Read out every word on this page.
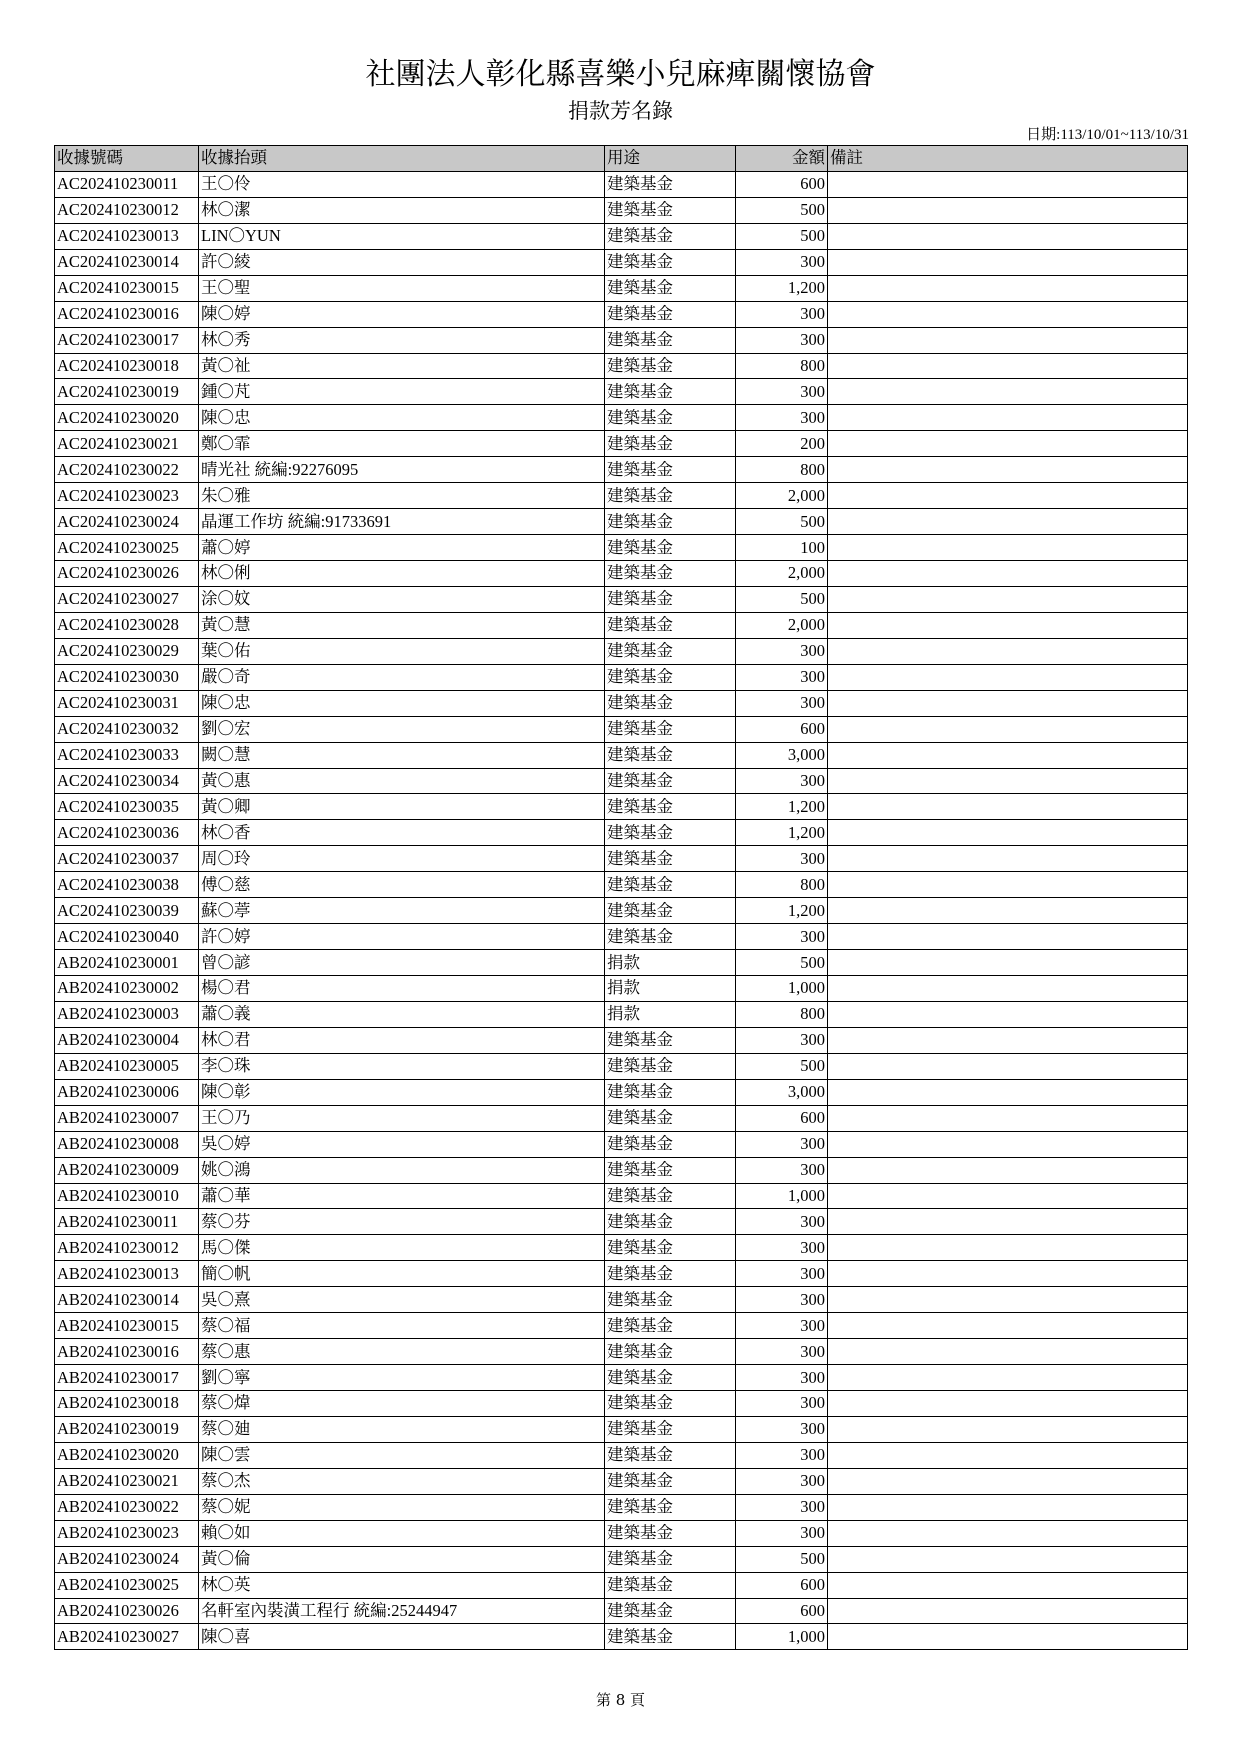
社團法人彰化縣喜樂小兒麻痺關懷協會
捐款芳名錄
日期:113/10/01~113/10/31
收據號碼	收據抬頭	用途	金額	備註
AC202410230011	王〇伶	建築基金	600	
AC202410230012	林〇潔	建築基金	500	
AC202410230013	LIN〇YUN	建築基金	500	
AC202410230014	許〇綾	建築基金	300	
AC202410230015	王〇聖	建築基金	1,200	
AC202410230016	陳〇婷	建築基金	300	
AC202410230017	林〇秀	建築基金	300	
AC202410230018	黃〇祉	建築基金	800	
AC202410230019	鍾〇芃	建築基金	300	
AC202410230020	陳〇忠	建築基金	300	
AC202410230021	鄭〇霏	建築基金	200	
AC202410230022	晴光社 統編:92276095	建築基金	800	
AC202410230023	朱〇雅	建築基金	2,000	
AC202410230024	晶運工作坊 統編:91733691	建築基金	500	
AC202410230025	蕭〇婷	建築基金	100	
AC202410230026	林〇俐	建築基金	2,000	
AC202410230027	涂〇妏	建築基金	500	
AC202410230028	黃〇慧	建築基金	2,000	
AC202410230029	葉〇佑	建築基金	300	
AC202410230030	嚴〇奇	建築基金	300	
AC202410230031	陳〇忠	建築基金	300	
AC202410230032	劉〇宏	建築基金	600	
AC202410230033	闕〇慧	建築基金	3,000	
AC202410230034	黃〇惠	建築基金	300	
AC202410230035	黃〇卿	建築基金	1,200	
AC202410230036	林〇香	建築基金	1,200	
AC202410230037	周〇玲	建築基金	300	
AC202410230038	傅〇慈	建築基金	800	
AC202410230039	蘇〇葶	建築基金	1,200	
AC202410230040	許〇婷	建築基金	300	
AB202410230001	曾〇諺	捐款	500	
AB202410230002	楊〇君	捐款	1,000	
AB202410230003	蕭〇義	捐款	800	
AB202410230004	林〇君	建築基金	300	
AB202410230005	李〇珠	建築基金	500	
AB202410230006	陳〇彰	建築基金	3,000	
AB202410230007	王〇乃	建築基金	600	
AB202410230008	吳〇婷	建築基金	300	
AB202410230009	姚〇鴻	建築基金	300	
AB202410230010	蕭〇華	建築基金	1,000	
AB202410230011	蔡〇芬	建築基金	300	
AB202410230012	馬〇傑	建築基金	300	
AB202410230013	簡〇帆	建築基金	300	
AB202410230014	吳〇熹	建築基金	300	
AB202410230015	蔡〇福	建築基金	300	
AB202410230016	蔡〇惠	建築基金	300	
AB202410230017	劉〇寧	建築基金	300	
AB202410230018	蔡〇煒	建築基金	300	
AB202410230019	蔡〇廸	建築基金	300	
AB202410230020	陳〇雲	建築基金	300	
AB202410230021	蔡〇杰	建築基金	300	
AB202410230022	蔡〇妮	建築基金	300	
AB202410230023	賴〇如	建築基金	300	
AB202410230024	黃〇倫	建築基金	500	
AB202410230025	林〇英	建築基金	600	
AB202410230026	名軒室內裝潢工程行 統編:25244947	建築基金	600	
AB202410230027	陳〇喜	建築基金	1,000	
第 8 頁
